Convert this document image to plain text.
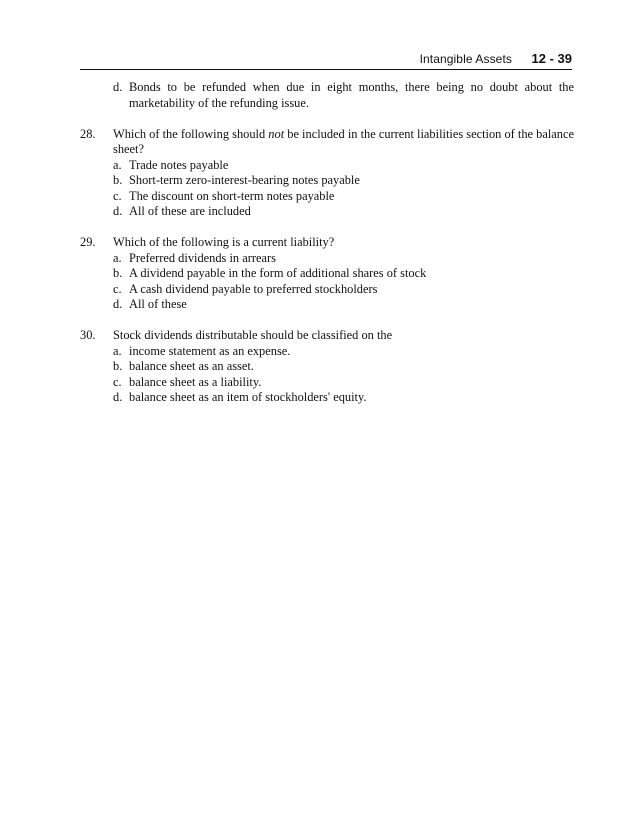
Intangible Assets 12 - 39
d. Bonds to be refunded when due in eight months, there being no doubt about the marketability of the refunding issue.
28.	Which of the following should not be included in the current liabilities section of the balance sheet?
a. Trade notes payable
b. Short-term zero-interest-bearing notes payable
c. The discount on short-term notes payable
d. All of these are included
29.	Which of the following is a current liability?
a. Preferred dividends in arrears
b. A dividend payable in the form of additional shares of stock
c. A cash dividend payable to preferred stockholders
d. All of these
30.	Stock dividends distributable should be classified on the
a. income statement as an expense.
b. balance sheet as an asset.
c. balance sheet as a liability.
d. balance sheet as an item of stockholders' equity.
